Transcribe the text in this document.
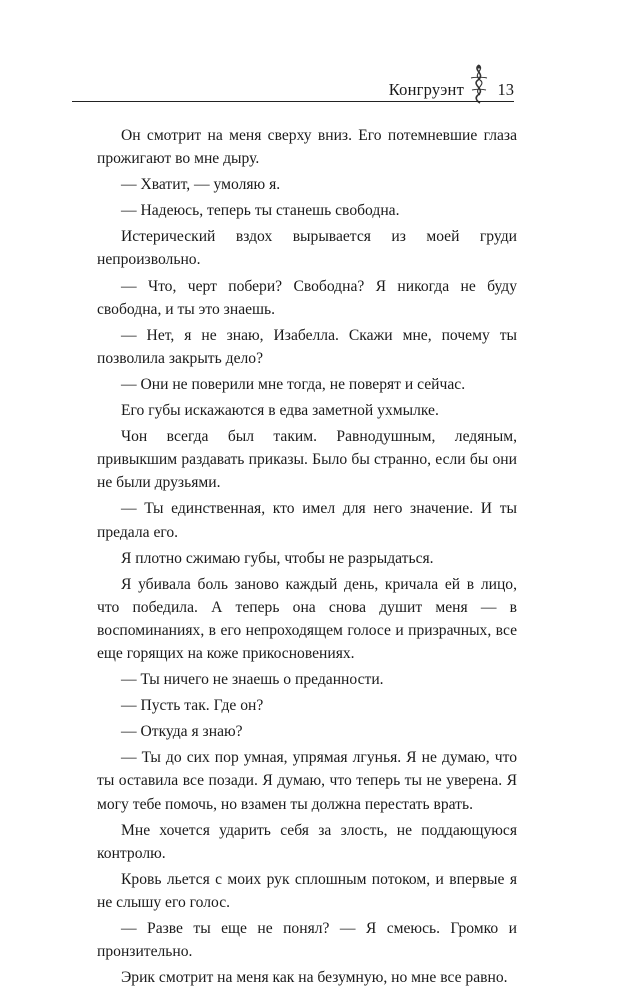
Конгруэнт 13

Он смотрит на меня сверху вниз. Его потемневшие глаза прожигают во мне дыру.

— Хватит, — умоляю я.

— Надеюсь, теперь ты станешь свободна.

Истерический вздох вырывается из моей груди непроизвольно.

— Что, черт побери? Свободна? Я никогда не буду свободна, и ты это знаешь.

— Нет, я не знаю, Изабелла. Скажи мне, почему ты позволила закрыть дело?

— Они не поверили мне тогда, не поверят и сейчас.

Его губы искажаются в едва заметной ухмылке.

Чон всегда был таким. Равнодушным, ледяным, привыкшим раздавать приказы. Было бы странно, если бы они не были друзьями.

— Ты единственная, кто имел для него значение. И ты предала его.

Я плотно сжимаю губы, чтобы не разрыдаться.

Я убивала боль заново каждый день, кричала ей в лицо, что победила. А теперь она снова душит меня — в воспоминаниях, в его непроходящем голосе и призрачных, все еще горящих на коже прикосновениях.

— Ты ничего не знаешь о преданности.

— Пусть так. Где он?

— Откуда я знаю?

— Ты до сих пор умная, упрямая лгунья. Я не думаю, что ты оставила все позади. Я думаю, что теперь ты не уверена. Я могу тебе помочь, но взамен ты должна перестать врать.

Мне хочется ударить себя за злость, не поддающуюся контролю.

Кровь льется с моих рук сплошным потоком, и впервые я не слышу его голос.

— Разве ты еще не понял? — Я смеюсь. Громко и пронзительно.

Эрик смотрит на меня как на безумную, но мне все равно.
